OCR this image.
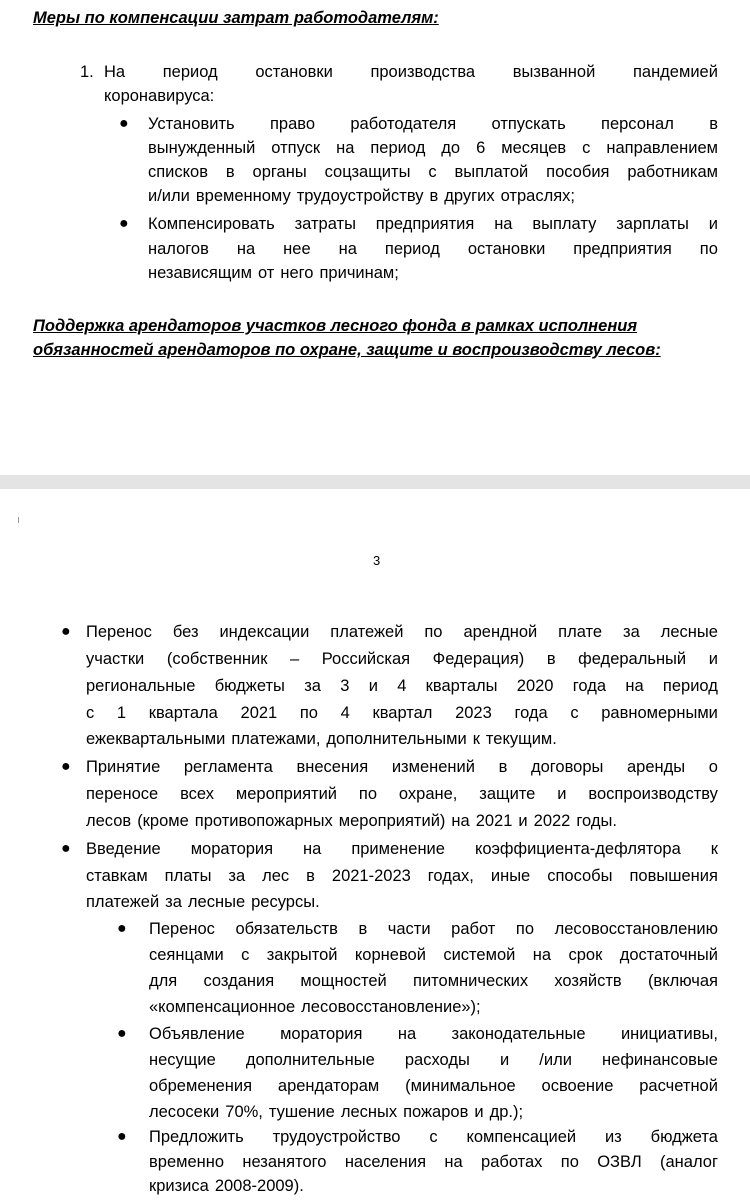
Меры по компенсации затрат работодателям:
1. На период остановки производства вызванной пандемией
коронавируса:
● Установить право работодателя отпускать персонал в
вынужденный отпуск на период до 6 месяцев с направлением
списков в органы соцзащиты с выплатой пособия работникам
и/или временному трудоустройству в других отраслях;
● Компенсировать затраты предприятия на выплату зарплаты и
налогов на нее на период остановки предприятия по
независящим от него причинам;
Поддержка арендаторов участков лесного фонда в рамках исполнения
обязанностей арендаторов по охране, защите и воспроизводству лесов:
3
● Перенос без индексации платежей по арендной плате за лесные
участки (собственник – Российская Федерация) в федеральный и
региональные бюджеты за 3 и 4 кварталы 2020 года на период
с 1 квартала 2021 по 4 квартал 2023 года с равномерными
ежеквартальными платежами, дополнительными к текущим.
● Принятие регламента внесения изменений в договоры аренды о
переносе всех мероприятий по охране, защите и воспроизводству
лесов (кроме противопожарных мероприятий) на 2021 и 2022 годы.
● Введение моратория на применение коэффициента-дефлятора к
ставкам платы за лес в 2021-2023 годах, иные способы повышения
платежей за лесные ресурсы.
● Перенос обязательств в части работ по лесовосстановлению
сеянцами с закрытой корневой системой на срок достаточный
для создания мощностей питомнических хозяйств (включая
«компенсационное лесовосстановление»);
● Объявление моратория на законодательные инициативы,
несущие дополнительные расходы и /или нефинансовые
обременения арендаторам (минимальное освоение расчетной
лесосеки 70%, тушение лесных пожаров и др.);
● Предложить трудоустройство с компенсацией из бюджета
временно незанятого населения на работах по ОЗВЛ (аналог
кризиса 2008-2009).
